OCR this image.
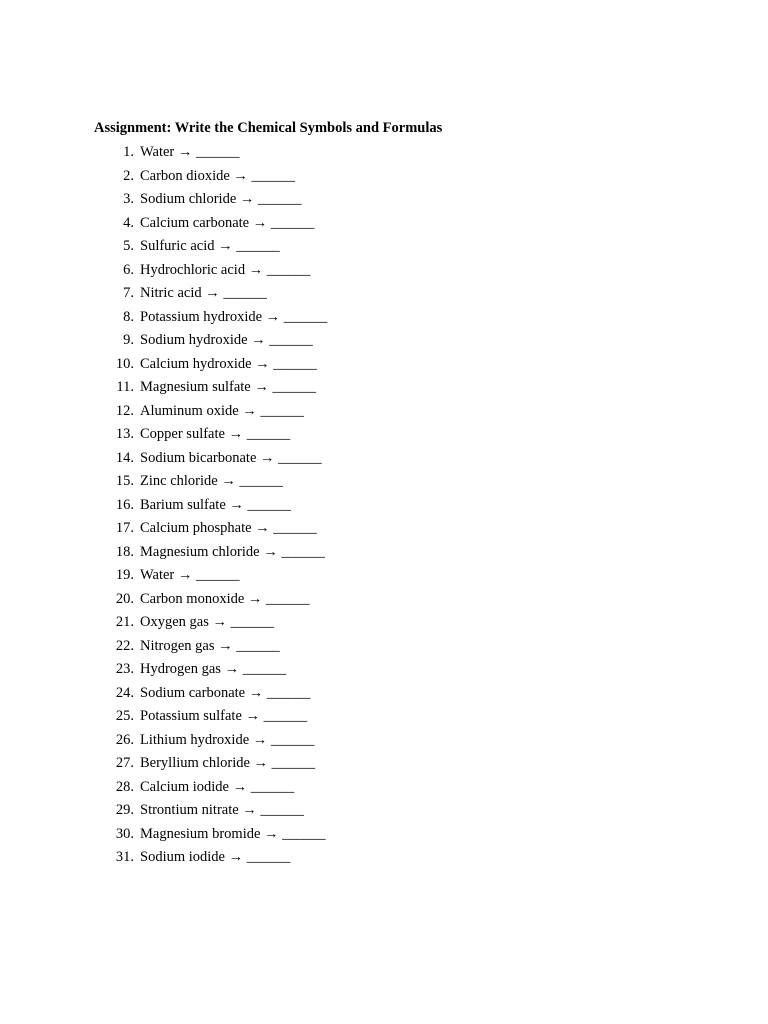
Assignment: Write the Chemical Symbols and Formulas
1. Water → ______
2. Carbon dioxide → ______
3. Sodium chloride → ______
4. Calcium carbonate → ______
5. Sulfuric acid → ______
6. Hydrochloric acid → ______
7. Nitric acid → ______
8. Potassium hydroxide → ______
9. Sodium hydroxide → ______
10. Calcium hydroxide → ______
11. Magnesium sulfate → ______
12. Aluminum oxide → ______
13. Copper sulfate → ______
14. Sodium bicarbonate → ______
15. Zinc chloride → ______
16. Barium sulfate → ______
17. Calcium phosphate → ______
18. Magnesium chloride → ______
19. Water → ______
20. Carbon monoxide → ______
21. Oxygen gas → ______
22. Nitrogen gas → ______
23. Hydrogen gas → ______
24. Sodium carbonate → ______
25. Potassium sulfate → ______
26. Lithium hydroxide → ______
27. Beryllium chloride → ______
28. Calcium iodide → ______
29. Strontium nitrate → ______
30. Magnesium bromide → ______
31. Sodium iodide → ______
